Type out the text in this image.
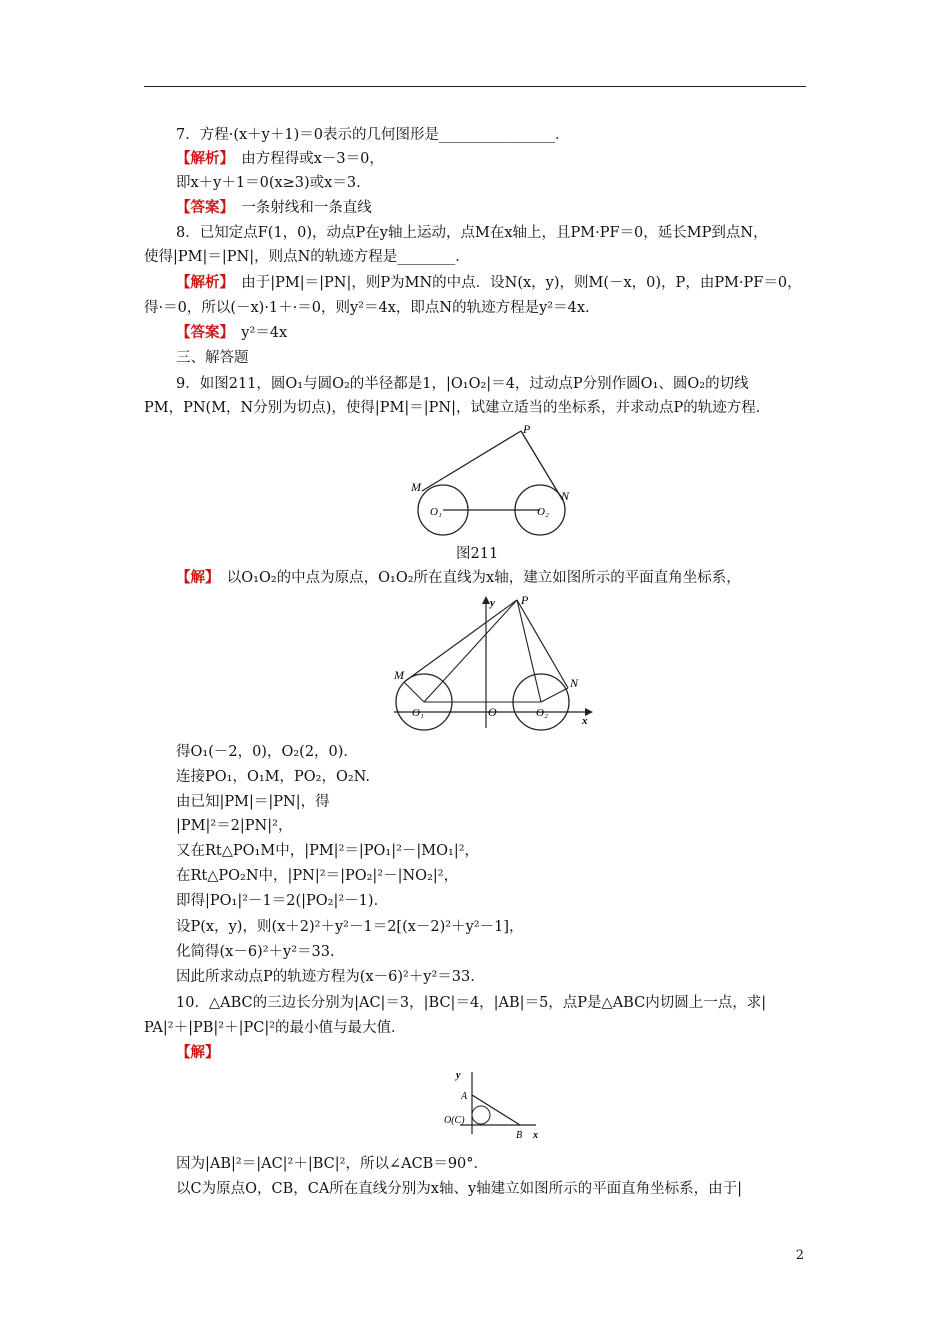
7．方程·(x＋y＋1)＝0表示的几何图形是________________．
【解析】　由方程得或x－3＝0，
即x＋y＋1＝0(x≥3)或x＝3.
【答案】　一条射线和一条直线
8．已知定点F(1，0)，动点P在y轴上运动，点M在x轴上，且PM·PF＝0，延长MP到点N，
使得|PM|＝|PN|，则点N的轨迹方程是________．
【解析】　由于|PM|＝|PN|，则P为MN的中点．设N(x，y)，则M(－x，0)，P，由PM·PF＝0，
得·＝0，所以(－x)·1＋·＝0，则y²＝4x，即点N的轨迹方程是y²＝4x.
【答案】　y²＝4x
三、解答题
9．如图211，圆O₁与圆O₂的半径都是1，|O₁O₂|＝4，过动点P分别作圆O₁、圆O₂的切线
PM，PN(M，N分别为切点)，使得|PM|＝|PN|，试建立适当的坐标系，并求动点P的轨迹方程．
P
M
N
O₁	O₂
图211
【解】　以O₁O₂的中点为原点，O₁O₂所在直线为x轴，建立如图所示的平面直角坐标系，
P
M
N
O₁	O₂
O
x
y
得O₁(－2，0)，O₂(2，0)．
连接PO₁，O₁M，PO₂，O₂N.
由已知|PM|＝|PN|，得
|PM|²＝2|PN|²，
又在Rt△PO₁M中，|PM|²＝|PO₁|²－|MO₁|²，
在Rt△PO₂N中，|PN|²＝|PO₂|²－|NO₂|²，
即得|PO₁|²－1＝2(|PO₂|²－1)．
设P(x，y)，则(x＋2)²＋y²－1＝2[(x－2)²＋y²－1]，
化简得(x－6)²＋y²＝33.
因此所求动点P的轨迹方程为(x－6)²＋y²＝33.
10．△ABC的三边长分别为|AC|＝3，|BC|＝4，|AB|＝5，点P是△ABC内切圆上一点，求|
PA|²＋|PB|²＋|PC|²的最小值与最大值．
【解】
y
A
O(C)
B x
因为|AB|²＝|AC|²＋|BC|²，所以∠ACB＝90°．
以C为原点O，CB，CA所在直线分别为x轴、y轴建立如图所示的平面直角坐标系，由于|
2
